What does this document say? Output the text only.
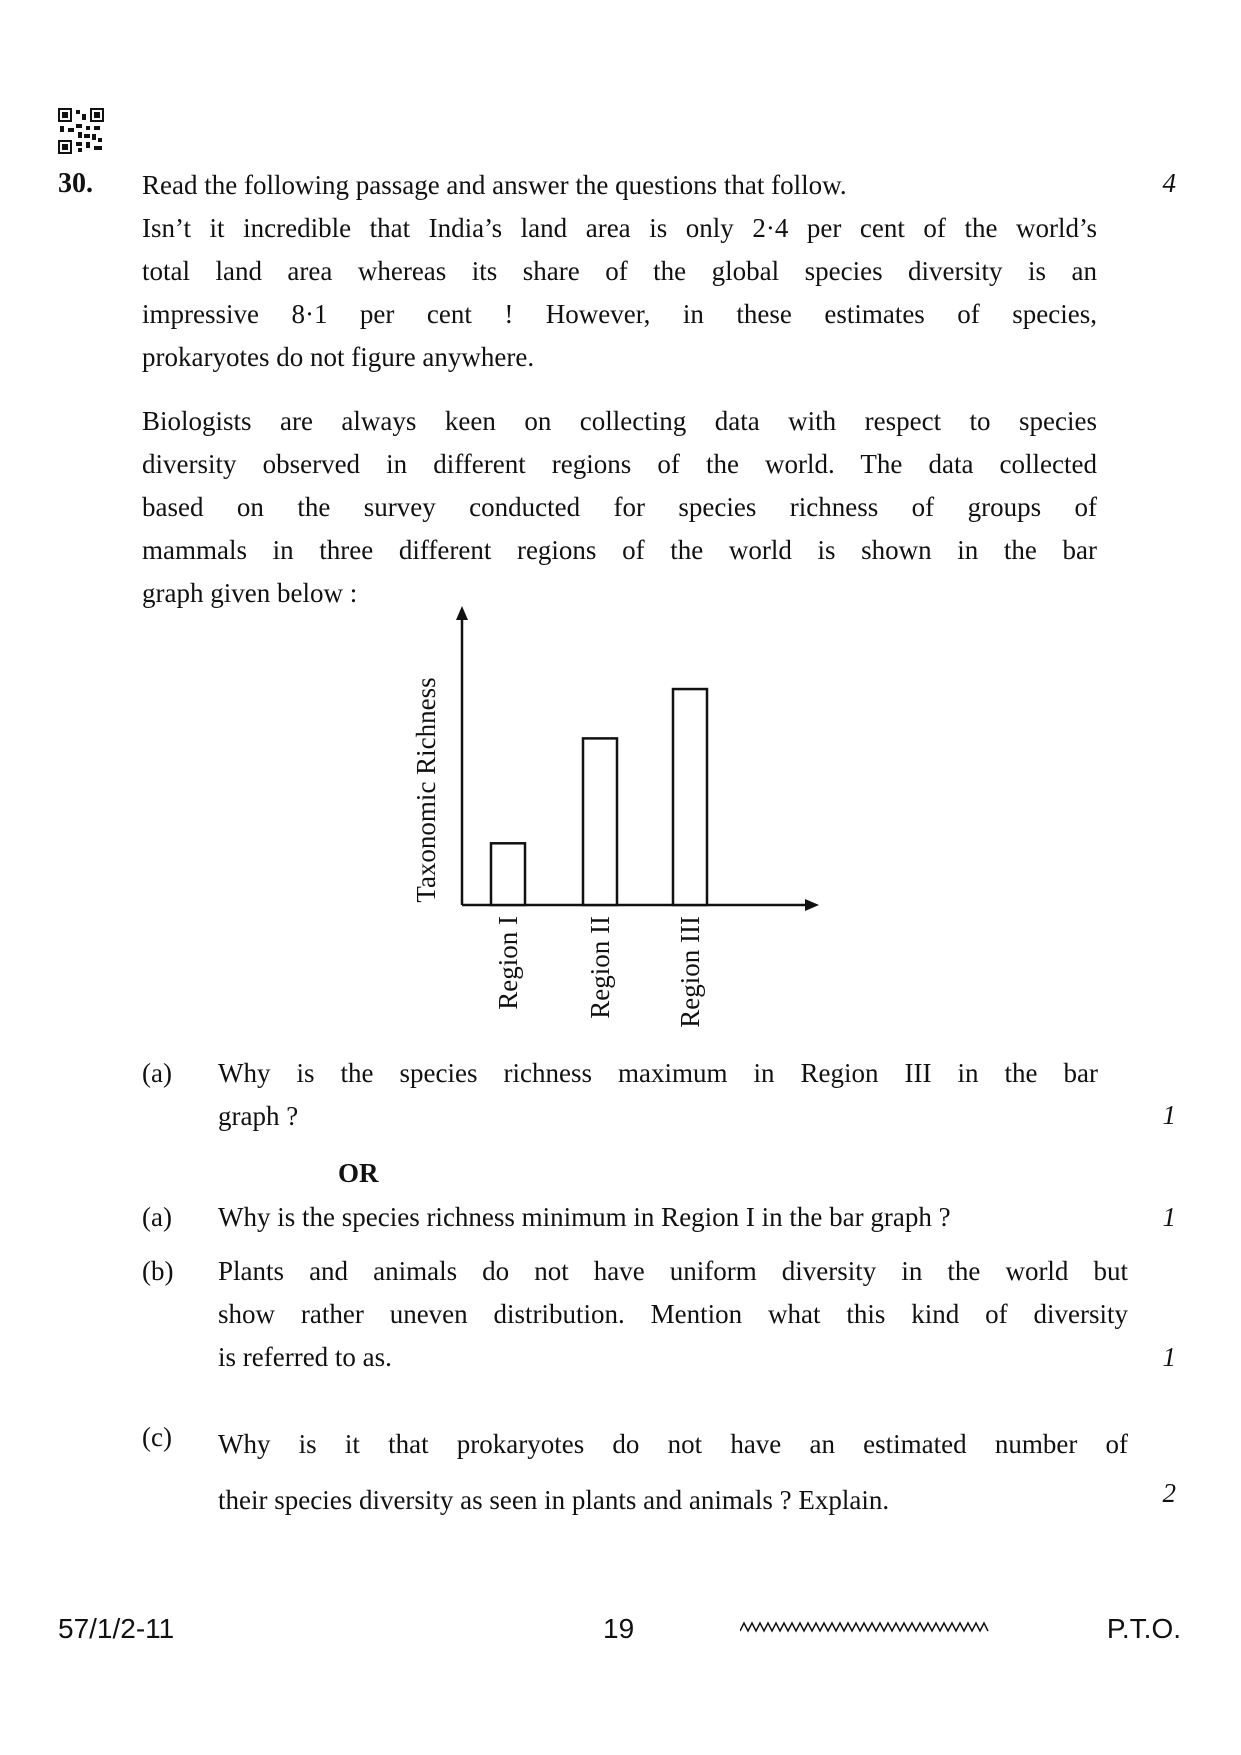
30.	4
Read the following passage and answer the questions that follow.
Isn’t it incredible that India’s land area is only 2·4 per cent of the world’s
total land area whereas its share of the global species diversity is an
impressive 8·1 per cent ! However, in these estimates of species,
prokaryotes do not figure anywhere.
Biologists are always keen on collecting data with respect to species
diversity observed in different regions of the world. The data collected
based on the survey conducted for species richness of groups of
mammals in three different regions of the world is shown in the bar
graph given below :
Taxonomic Richness
Region I Region II Region III
(a) Why is the species richness maximum in Region III in the bar
graph ?	1
OR
(a) Why is the species richness minimum in Region I in the bar graph ?	1
(b) Plants and animals do not have uniform diversity in the world but
show rather uneven distribution. Mention what this kind of diversity
is referred to as.	1
(c) Why is it that prokaryotes do not have an estimated number of
their species diversity as seen in plants and animals ? Explain.	2
57/1/2-11	19	P.T.O.
